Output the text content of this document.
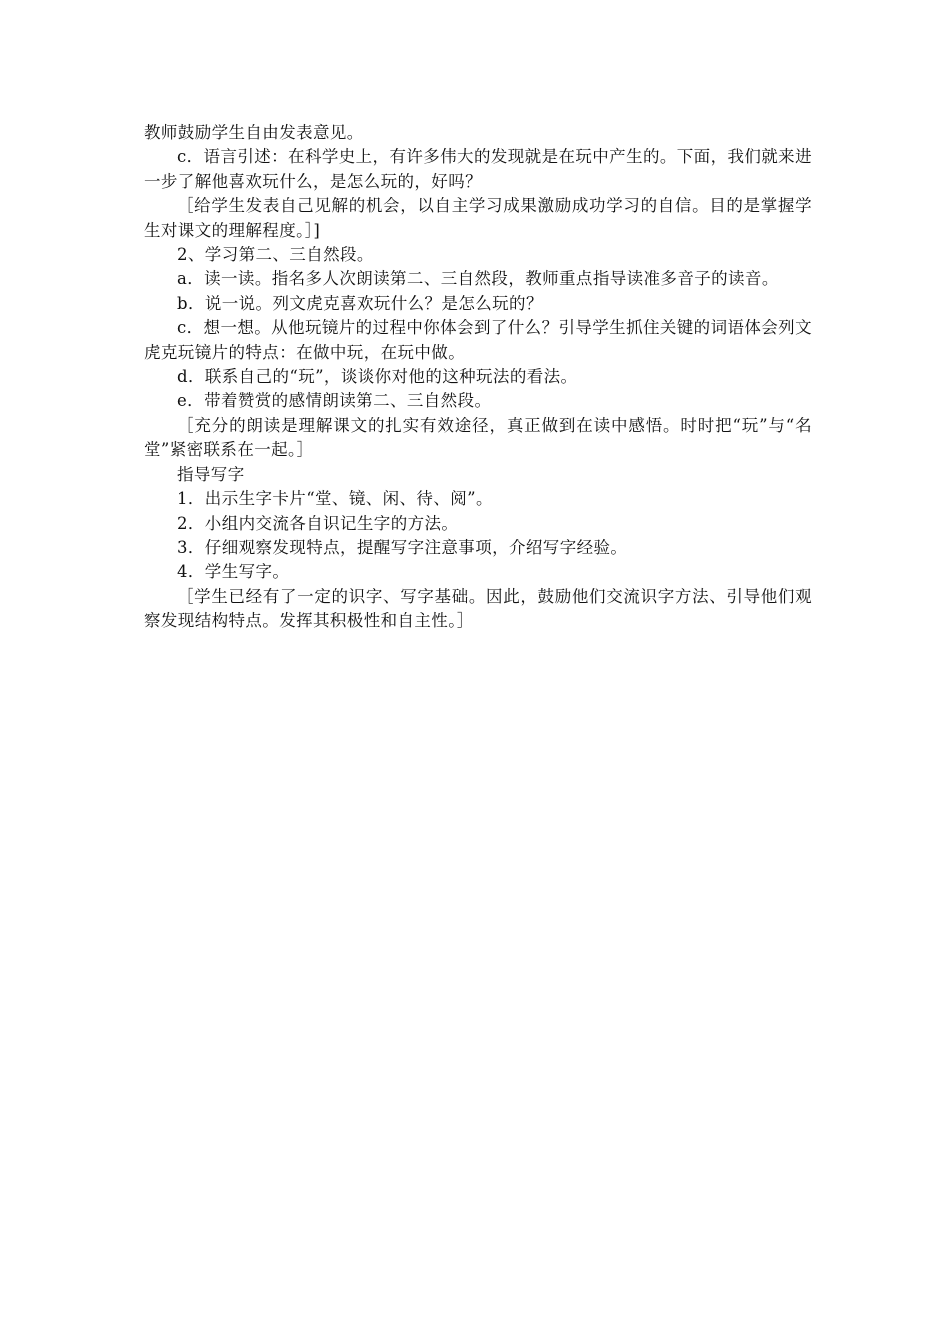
教师鼓励学生自由发表意见。

c．语言引述：在科学史上，有许多伟大的发现就是在玩中产生的。下面，我们就来进一步了解他喜欢玩什么，是怎么玩的，好吗？

［给学生发表自己见解的机会，以自主学习成果激励成功学习的自信。目的是掌握学生对课文的理解程度。］]

2、学习第二、三自然段。

a．读一读。指名多人次朗读第二、三自然段，教师重点指导读准多音子的读音。

b．说一说。列文虎克喜欢玩什么？是怎么玩的？

c．想一想。从他玩镜片的过程中你体会到了什么？引导学生抓住关键的词语体会列文虎克玩镜片的特点：在做中玩，在玩中做。

d．联系自己的“玩”，谈谈你对他的这种玩法的看法。

e．带着赞赏的感情朗读第二、三自然段。

［充分的朗读是理解课文的扎实有效途径，真正做到在读中感悟。时时把“玩”与“名堂”紧密联系在一起。］

指导写字

1．出示生字卡片“堂、镜、闲、待、阅”。

2．小组内交流各自识记生字的方法。

3．仔细观察发现特点，提醒写字注意事项，介绍写字经验。

4．学生写字。

［学生已经有了一定的识字、写字基础。因此，鼓励他们交流识字方法、引导他们观察发现结构特点。发挥其积极性和自主性。］
